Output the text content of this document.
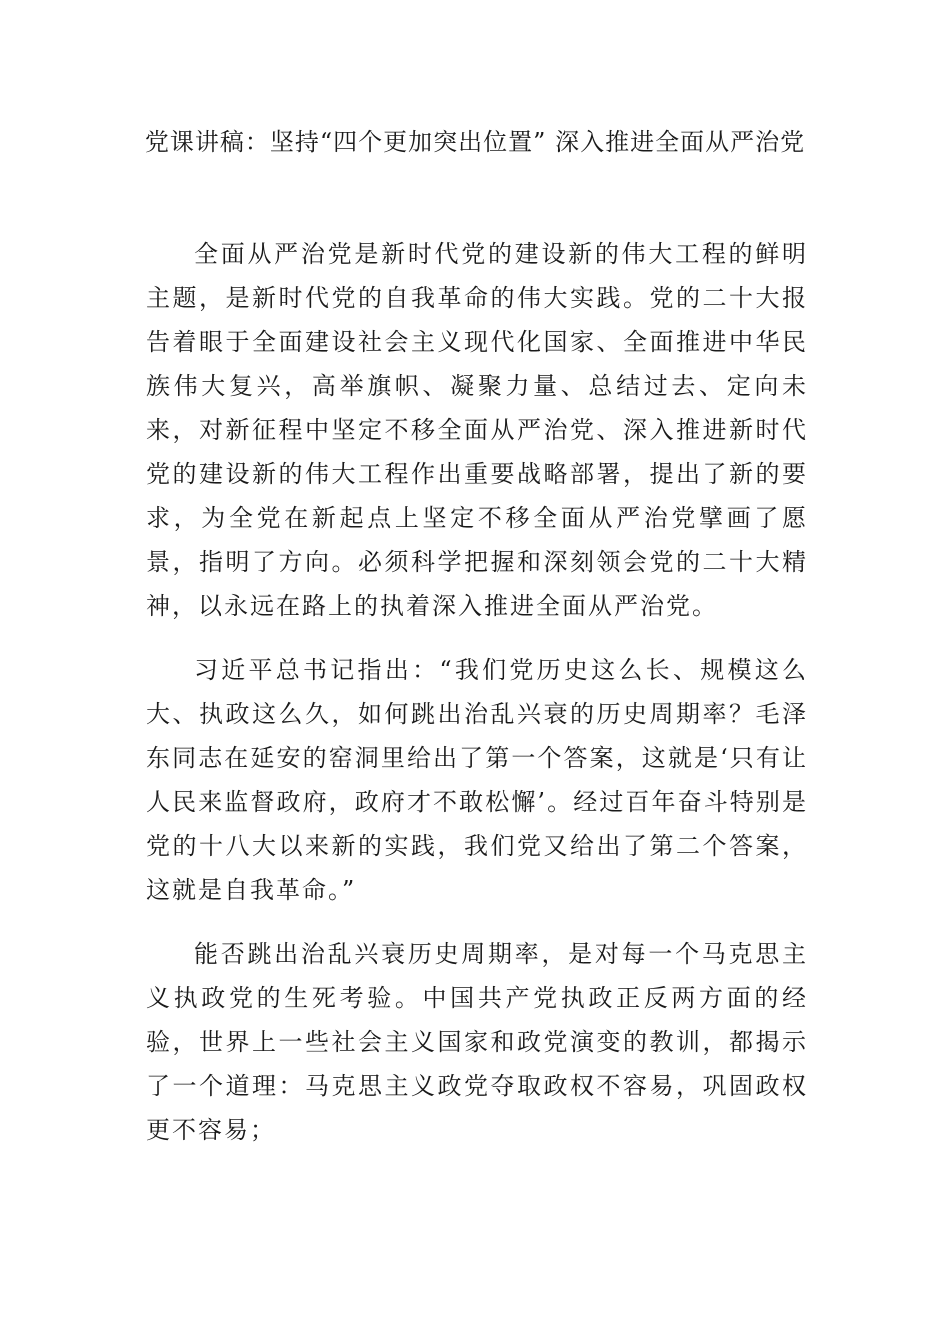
党课讲稿：坚持“四个更加突出位置” 深入推进全面从严治党

全面从严治党是新时代党的建设新的伟大工程的鲜明主题，是新时代党的自我革命的伟大实践。党的二十大报告着眼于全面建设社会主义现代化国家、全面推进中华民族伟大复兴，高举旗帜、凝聚力量、总结过去、定向未来，对新征程中坚定不移全面从严治党、深入推进新时代党的建设新的伟大工程作出重要战略部署，提出了新的要求，为全党在新起点上坚定不移全面从严治党擘画了愿景，指明了方向。必须科学把握和深刻领会党的二十大精神，以永远在路上的执着深入推进全面从严治党。

习近平总书记指出：“我们党历史这么长、规模这么大、执政这么久，如何跳出治乱兴衰的历史周期率？毛泽东同志在延安的窑洞里给出了第一个答案，这就是‘只有让人民来监督政府，政府才不敢松懈’。经过百年奋斗特别是党的十八大以来新的实践，我们党又给出了第二个答案，这就是自我革命。”

能否跳出治乱兴衰历史周期率，是对每一个马克思主义执政党的生死考验。中国共产党执政正反两方面的经验，世界上一些社会主义国家和政党演变的教训，都揭示了一个道理：马克思主义政党夺取政权不容易，巩固政权更不容易；
